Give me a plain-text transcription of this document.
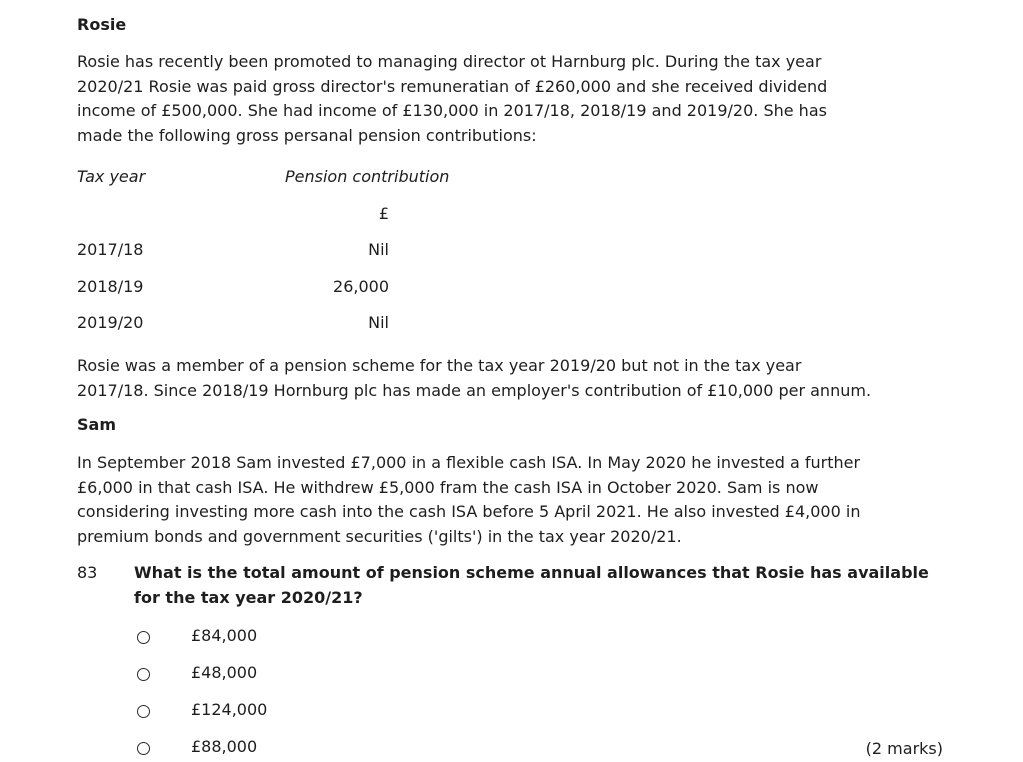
Rosie
Rosie has recently been promoted to managing director ot Harnburg plc. During the tax year
2020/21 Rosie was paid gross director's remuneratian of £260,000 and she received dividend
income of £500,000. She had income of £130,000 in 2017/18, 2018/19 and 2019/20. She has
made the following gross persanal pension contributions:
Tax year	Pension contribution
£
2017/18	Nil
2018/19	26,000
2019/20	Nil
Rosie was a member of a pension scheme for the tax year 2019/20 but not in the tax year
2017/18. Since 2018/19 Hornburg plc has made an employer's contribution of £10,000 per annum.
Sam
In September 2018 Sam invested £7,000 in a flexible cash ISA. In May 2020 he invested a further
£6,000 in that cash ISA. He withdrew £5,000 fram the cash ISA in October 2020. Sam is now
considering investing more cash into the cash ISA before 5 April 2021. He also invested £4,000 in
premium bonds and government securities ('gilts') in the tax year 2020/21.
83 What is the total amount of pension scheme annual allowances that Rosie has available
for the tax year 2020/21?
£84,000
£48,000
£124,000
£88,000	(2 marks)
